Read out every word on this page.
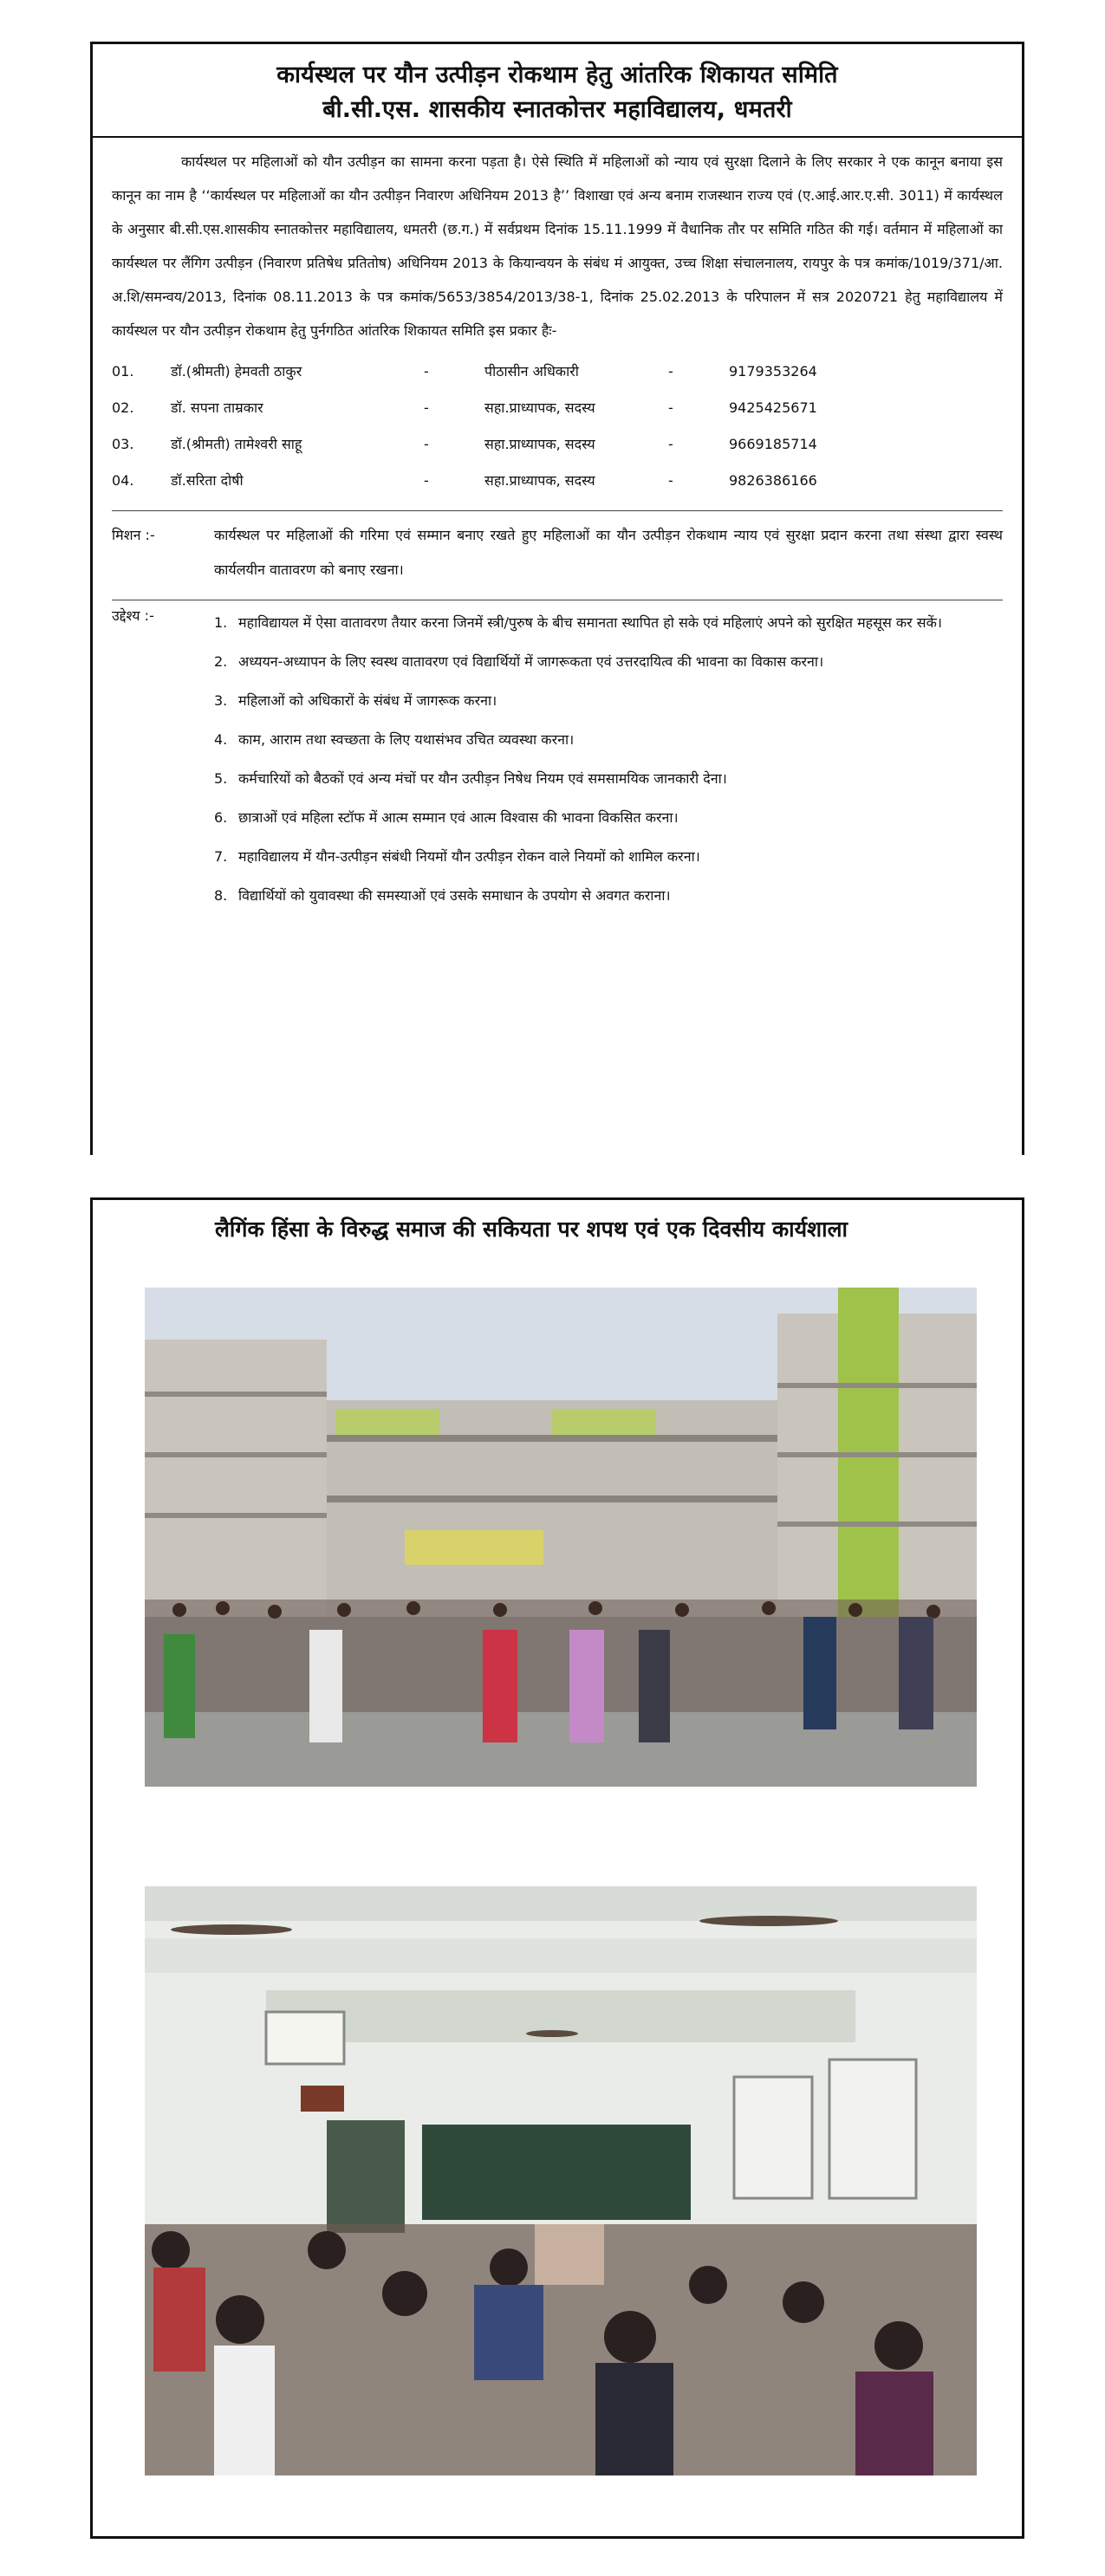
कार्यस्थल पर यौन उत्पीड़न रोकथाम हेतु आंतरिक शिकायत समिति
बी.सी.एस. शासकीय स्नातकोत्तर महाविद्यालय, धमतरी

कार्यस्थल पर महिलाओं को यौन उत्पीड़न का सामना करना पड़ता है। ऐसे स्थिति में महिलाओं को न्याय एवं सुरक्षा दिलाने के लिए सरकार ने एक कानून बनाया इस कानून का नाम है ‘‘कार्यस्थल पर महिलाओं का यौन उत्पीड़न निवारण अधिनियम 2013 है’’ विशाखा एवं अन्य बनाम राजस्थान राज्य एवं (ए.आई.आर.ए.सी. 3011) में कार्यस्थल के अनुसार बी.सी.एस.शासकीय स्नातकोत्तर महाविद्यालय, धमतरी (छ.ग.) में सर्वप्रथम दिनांक 15.11.1999 में वैधानिक तौर पर समिति गठित की गई। वर्तमान में महिलाओं का कार्यस्थल पर लैंगिग उत्पीड़न (निवारण प्रतिषेध प्रतितोष) अधिनियम 2013 के कियान्वयन के संबंध मं आयुक्त, उच्च शिक्षा संचालनालय, रायपुर के पत्र कमांक/1019/371/आ. अ.शि/समन्वय/2013, दिनांक 08.11.2013 के पत्र कमांक/5653/3854/2013/38-1, दिनांक 25.02.2013 के परिपालन में सत्र 2020721 हेतु महाविद्यालय में कार्यस्थल पर यौन उत्पीड़न रोकथाम हेतु पुर्नगठित आंतरिक शिकायत समिति इस प्रकार हैः-

01.	डॉ.(श्रीमती) हेमवती ठाकुर	-	पीठासीन अधिकारी	-	9179353264
02.	डॉ. सपना ताम्रकार	-	सहा.प्राध्यापक, सदस्य	-	9425425671
03.	डॉ.(श्रीमती) तामेश्वरी साहू	-	सहा.प्राध्यापक, सदस्य	-	9669185714
04.	डॉ.सरिता दोषी	-	सहा.प्राध्यापक, सदस्य	-	9826386166
मिशन :-	कार्यस्थल पर महिलाओं की गरिमा एवं सम्मान बनाए रखते हुए महिलाओं का यौन उत्पीड़न रोकथाम न्याय एवं सुरक्षा प्रदान करना तथा संस्था द्वारा स्वस्थ कार्यलयीन वातावरण को बनाए रखना।
उद्देश्य :-	1. महाविद्यायल में ऐसा वातावरण तैयार करना जिनमें स्त्री/पुरुष के बीच समानता स्थापित हो सके एवं महिलाएं अपने को सुरक्षित महसूस कर सकें।
2. अध्ययन-अध्यापन के लिए स्वस्थ वातावरण एवं विद्यार्थियों में जागरूकता एवं उत्तरदायित्व की भावना का विकास करना।
3. महिलाओं को अधिकारों के संबंध में जागरूक करना।
4. काम, आराम तथा स्वच्छता के लिए यथासंभव उचित व्यवस्था करना।
5. कर्मचारियों को बैठकों एवं अन्य मंचों पर यौन उत्पीड़न निषेध नियम एवं समसामयिक जानकारी देना।
6. छात्राओं एवं महिला स्टॉफ में आत्म सम्मान एवं आत्म विश्वास की भावना विकसित करना।
7. महाविद्यालय में यौन-उत्पीड़न संबंधी नियमों यौन उत्पीड़न रोकन वाले नियमों को शामिल करना।
8. विद्यार्थियों को युवावस्था की समस्याओं एवं उसके समाधान के उपयोग से अवगत कराना।
लैगिंक हिंसा के विरुद्ध समाज की सकियता पर शपथ एवं एक दिवसीय कार्यशाला
